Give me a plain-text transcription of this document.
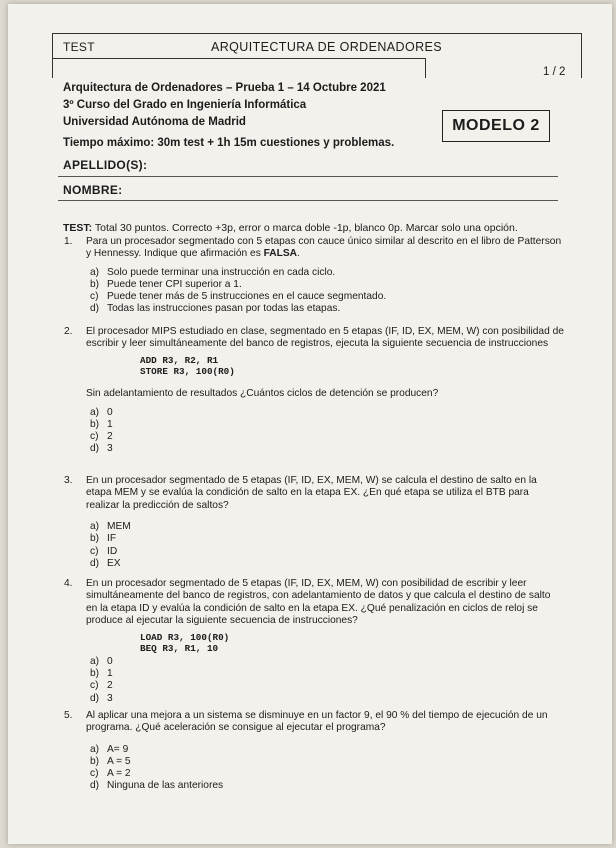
TEST	ARQUITECTURA DE ORDENADORES
1 / 2
Arquitectura de Ordenadores – Prueba 1 – 14 Octubre 2021
3º Curso del Grado en Ingeniería Informática
Universidad Autónoma de Madrid
Tiempo máximo: 30m test + 1h 15m cuestiones y problemas.
MODELO 2
APELLIDO(S):
NOMBRE:
TEST: Total 30 puntos. Correcto +3p, error o marca doble -1p, blanco 0p. Marcar solo una opción.
1.	Para un procesador segmentado con 5 etapas con cauce único similar al descrito en el libro de Patterson y Hennessy. Indique que afirmación es FALSA.
a) Solo puede terminar una instrucción en cada ciclo.
b) Puede tener CPI superior a 1.
c) Puede tener más de 5 instrucciones en el cauce segmentado.
d) Todas las instrucciones pasan por todas las etapas.
2.	El procesador MIPS estudiado en clase, segmentado en 5 etapas (IF, ID, EX, MEM, W) con posibilidad de escribir y leer simultáneamente del banco de registros, ejecuta la siguiente secuencia de instrucciones
ADD R3, R2, R1
STORE R3, 100(R0)
Sin adelantamiento de resultados ¿Cuántos ciclos de detención se producen?
a) 0
b) 1
c) 2
d) 3
3.	En un procesador segmentado de 5 etapas (IF, ID, EX, MEM, W) se calcula el destino de salto en la etapa MEM y se evalúa la condición de salto en la etapa EX. ¿En qué etapa se utiliza el BTB para realizar la predicción de saltos?
a) MEM
b) IF
c) ID
d) EX
4.	En un procesador segmentado de 5 etapas (IF, ID, EX, MEM, W) con posibilidad de escribir y leer simultáneamente del banco de registros, con adelantamiento de datos y que calcula el destino de salto en la etapa ID y evalúa la condición de salto en la etapa EX. ¿Qué penalización en ciclos de reloj se produce al ejecutar la siguiente secuencia de instrucciones?
LOAD R3, 100(R0)
BEQ R3, R1, 10
a) 0
b) 1
c) 2
d) 3
5.	Al aplicar una mejora a un sistema se disminuye en un factor 9, el 90 % del tiempo de ejecución de un programa. ¿Qué aceleración se consigue al ejecutar el programa?
a) A= 9
b) A = 5
c) A = 2
d) Ninguna de las anteriores
